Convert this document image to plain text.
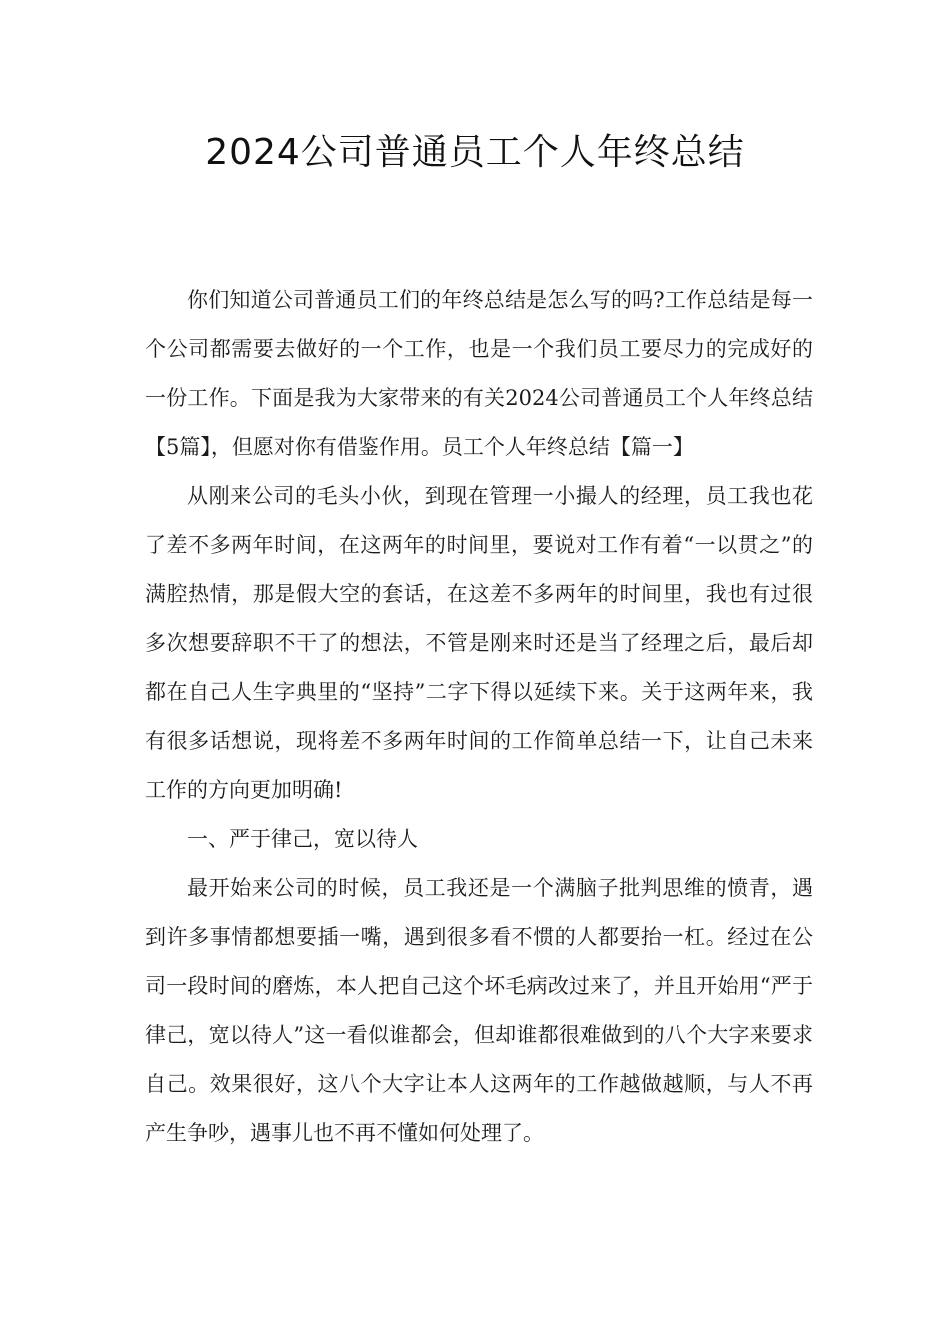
2024公司普通员工个人年终总结

你们知道公司普通员工们的年终总结是怎么写的吗?工作总结是每一个公司都需要去做好的一个工作，也是一个我们员工要尽力的完成好的一份工作。下面是我为大家带来的有关2024公司普通员工个人年终总结【5篇】，但愿对你有借鉴作用。员工个人年终总结【篇一】

从刚来公司的毛头小伙，到现在管理一小撮人的经理，员工我也花了差不多两年时间，在这两年的时间里，要说对工作有着“一以贯之”的满腔热情，那是假大空的套话，在这差不多两年的时间里，我也有过很多次想要辞职不干了的想法，不管是刚来时还是当了经理之后，最后却都在自己人生字典里的“坚持”二字下得以延续下来。关于这两年来，我有很多话想说，现将差不多两年时间的工作简单总结一下，让自己未来工作的方向更加明确!

一、严于律己，宽以待人

最开始来公司的时候，员工我还是一个满脑子批判思维的愤青，遇到许多事情都想要插一嘴，遇到很多看不惯的人都要抬一杠。经过在公司一段时间的磨炼，本人把自己这个坏毛病改过来了，并且开始用“严于律己，宽以待人”这一看似谁都会，但却谁都很难做到的八个大字来要求自己。效果很好，这八个大字让本人这两年的工作越做越顺，与人不再产生争吵，遇事儿也不再不懂如何处理了。
